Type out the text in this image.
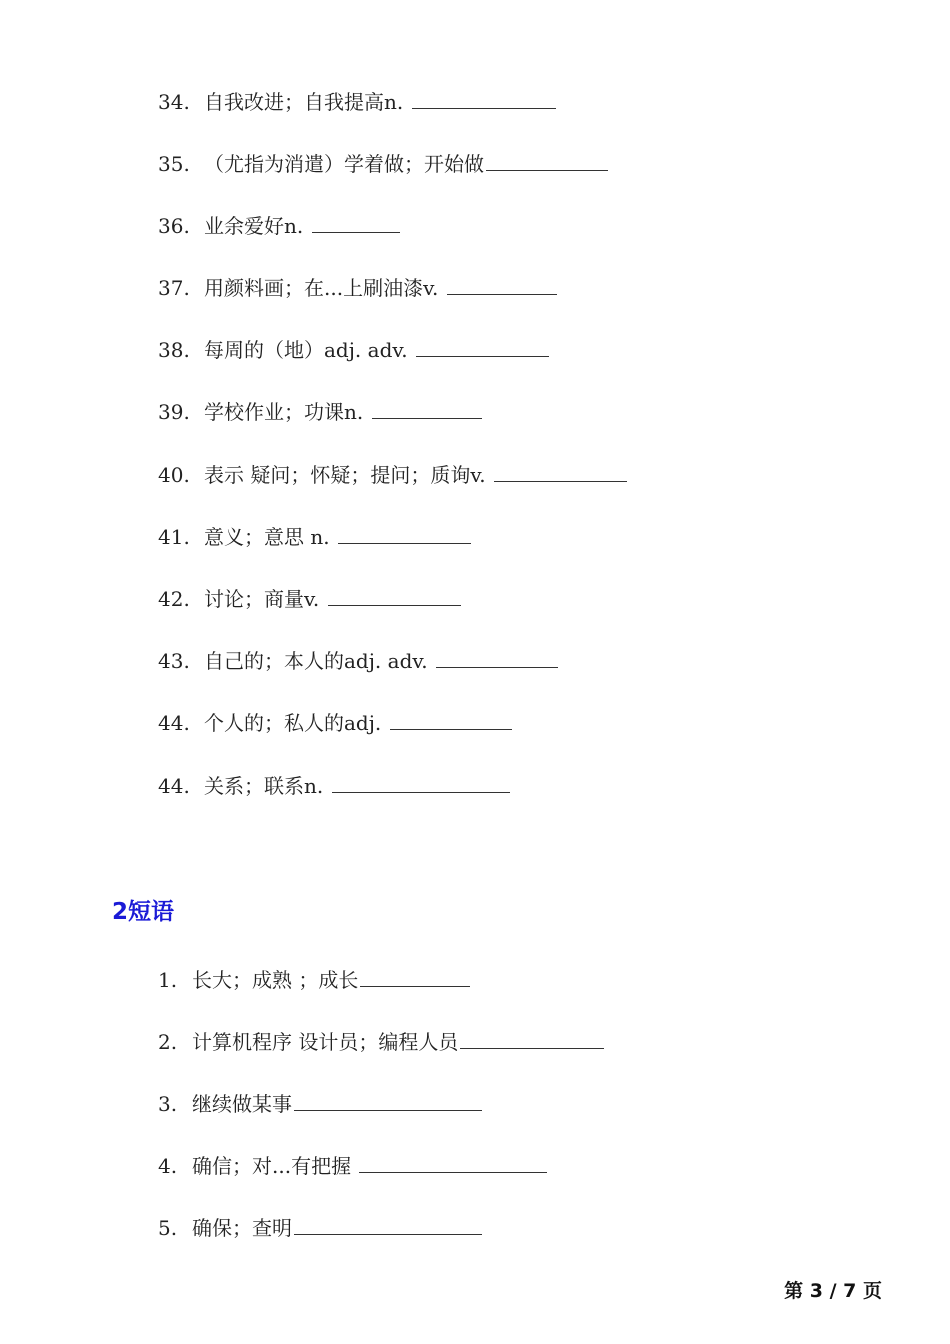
34. 自我改进；自我提高n.
35. （尤指为消遣）学着做；开始做
36. 业余爱好n.
37. 用颜料画；在...上刷油漆v.
38. 每周的（地）adj. adv.
39. 学校作业；功课n.
40. 表示 疑问；怀疑；提问；质询v.
41. 意义；意思 n.
42. 讨论；商量v.
43. 自己的；本人的adj. adv.
44. 个人的；私人的adj.
44. 关系；联系n.
2短语
1. 长大；成熟 ；成长
2. 计算机程序 设计员；编程人员
3. 继续做某事
4. 确信；对...有把握
5. 确保；查明
第 3 / 7 页
